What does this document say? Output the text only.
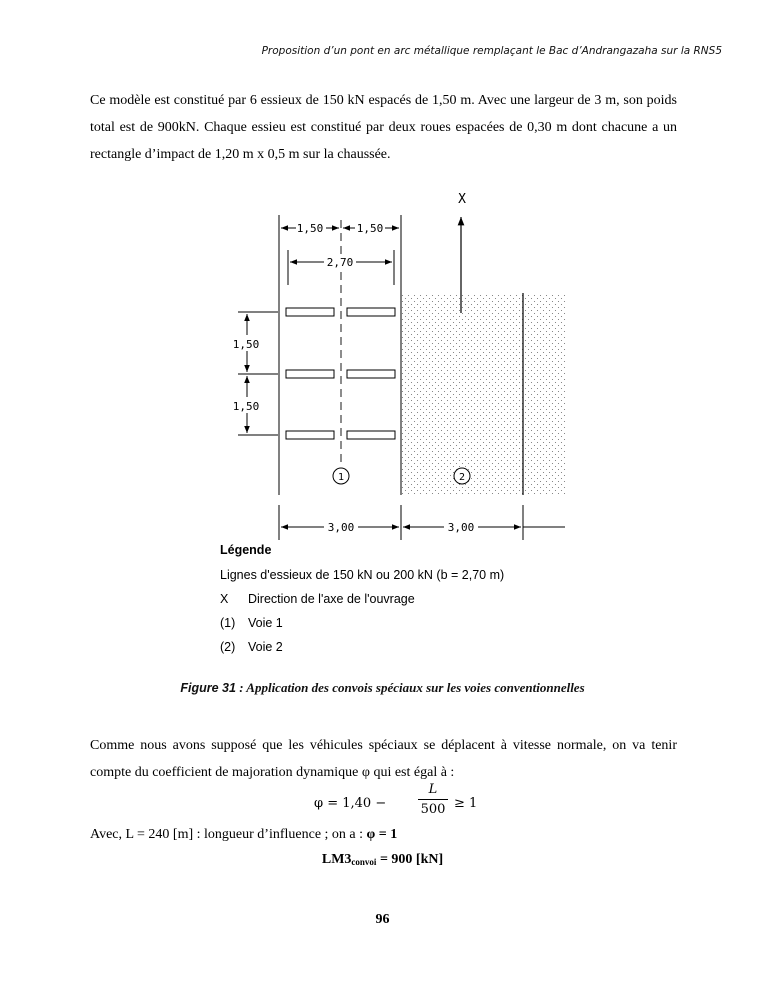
Proposition d’un pont en arc métallique remplaçant le Bac d’Andrangazaha sur la RNS5

Ce modèle est constitué par 6 essieux de 150 kN espacés de 1,50 m. Avec une largeur de 3 m, son poids total est de 900kN. Chaque essieu est constitué par deux roues espacées de 0,30 m dont chacune a un rectangle d’impact de 1,20 m x 0,5 m sur la chaussée.

1,50	1,50
2,70
1,50
1,50
X
1	2
3,00	3,00
Légende
Lignes d'essieux de 150 kN ou 200 kN (b = 2,70 m)
X Direction de l'axe de l'ouvrage
(1) Voie 1
(2) Voie 2
Figure 31 : Application des convois spéciaux sur les voies conventionnelles

Comme nous avons supposé que les véhicules spéciaux se déplacent à vitesse normale, on va tenir compte du coefficient de majoration dynamique φ qui est égal à :

φ = 1,40 −
L
500 ≥ 1
Avec, L = 240 [m] : longueur d’influence ; on a : φ = 1
$LM3_{convoi} = 900$ [kN]
96
